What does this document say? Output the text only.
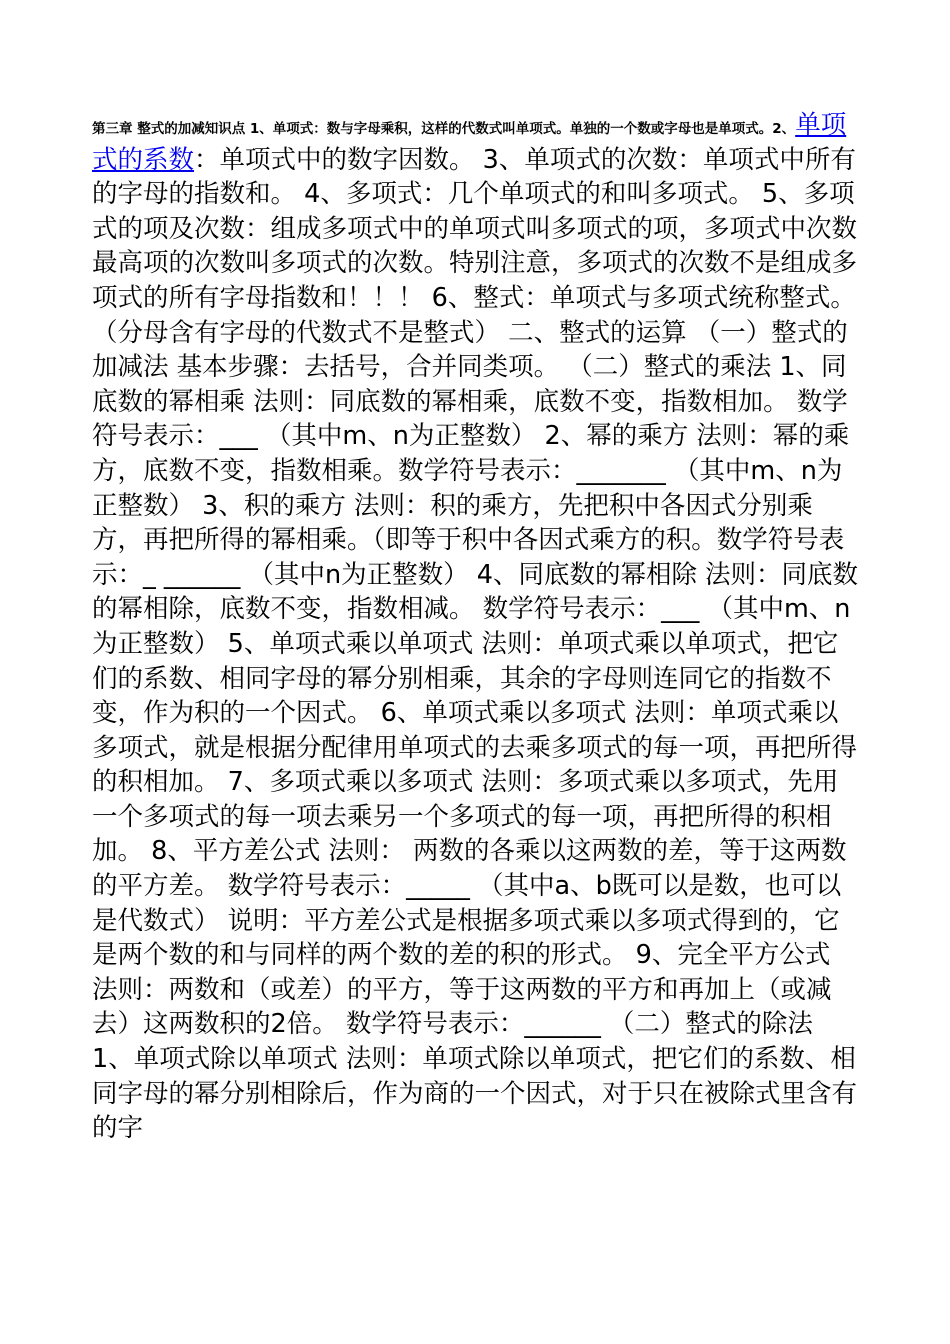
第三章 整式的加减知识点 1、单项式：数与字母乘积，这样的代数式叫单项式。单独的一个数或字母也是单项式。2、单项式的系数：单项式中的数字因数。 3、单项式的次数：单项式中所有的字母的指数和。 4、多项式：几个单项式的和叫多项式。 5、多项式的项及次数：组成多项式中的单项式叫多项式的项，多项式中次数最高项的次数叫多项式的次数。特别注意，多项式的次数不是组成多项式的所有字母指数和！！！ 6、整式：单项式与多项式统称整式。（分母含有字母的代数式不是整式） 二、整式的运算 （一）整式的加减法 基本步骤：去括号，合并同类项。 （二）整式的乘法 1、同底数的幂相乘 法则：同底数的幂相乘，底数不变，指数相加。 数学符号表示：___ （其中m、n为正整数） 2、幂的乘方 法则：幂的乘方，底数不变，指数相乘。数学符号表示：_______ （其中m、n为正整数） 3、积的乘方 法则：积的乘方，先把积中各因式分别乘方，再把所得的幂相乘。（即等于积中各因式乘方的积。数学符号表示：_ ______ （其中n为正整数） 4、同底数的幂相除 法则：同底数的幂相除，底数不变，指数相减。 数学符号表示：___ （其中m、n为正整数） 5、单项式乘以单项式 法则：单项式乘以单项式，把它们的系数、相同字母的幂分别相乘，其余的字母则连同它的指数不变，作为积的一个因式。 6、单项式乘以多项式 法则：单项式乘以多项式，就是根据分配律用单项式的去乘多项式的每一项，再把所得的积相加。 7、多项式乘以多项式 法则：多项式乘以多项式，先用一个多项式的每一项去乘另一个多项式的每一项，再把所得的积相加。 8、平方差公式 法则： 两数的各乘以这两数的差，等于这两数的平方差。 数学符号表示：_____ （其中a、b既可以是数，也可以是代数式） 说明：平方差公式是根据多项式乘以多项式得到的，它是两个数的和与同样的两个数的差的积的形式。 9、完全平方公式 法则：两数和（或差）的平方，等于这两数的平方和再加上（或减去）这两数积的2倍。 数学符号表示：______ （二）整式的除法 1、单项式除以单项式 法则：单项式除以单项式，把它们的系数、相同字母的幂分别相除后，作为商的一个因式，对于只在被除式里含有的字
